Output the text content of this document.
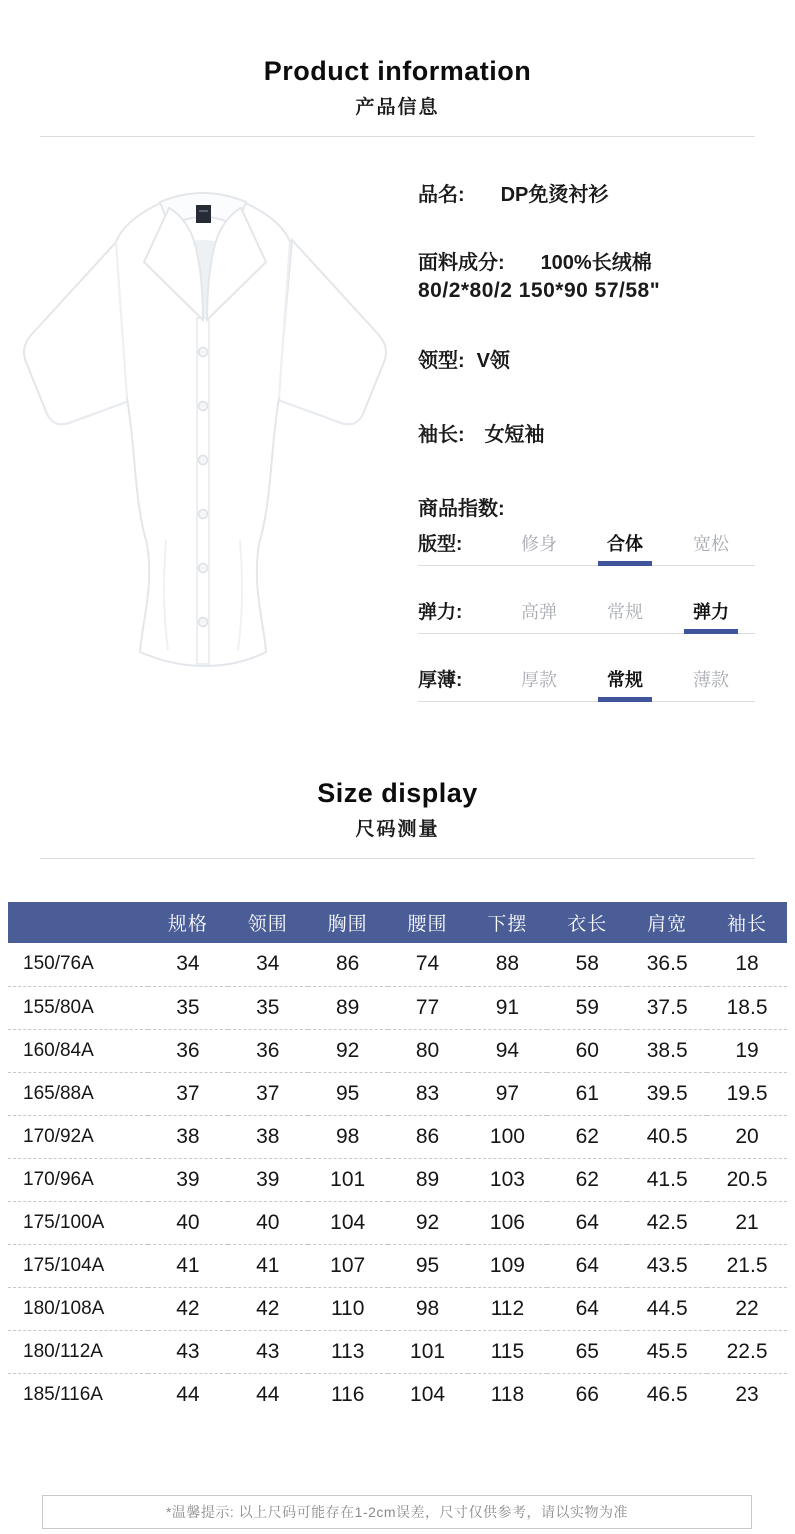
Product information
产品信息
品名: DP免烫衬衫
面料成分: 100%长绒棉
80/2*80/2 150*90 57/58"
领型: V领
袖长: 女短袖
商品指数:
版型:	修身	合体	宽松
弹力:	高弹	常规	弹力
厚薄:	厚款	常规	薄款
Size display
尺码测量
	规格	领围	胸围	腰围	下摆	衣长	肩宽	袖长
150/76A	34	34	86	74	88	58	36.5	18
155/80A	35	35	89	77	91	59	37.5	18.5
160/84A	36	36	92	80	94	60	38.5	19
165/88A	37	37	95	83	97	61	39.5	19.5
170/92A	38	38	98	86	100	62	40.5	20
170/96A	39	39	101	89	103	62	41.5	20.5
175/100A	40	40	104	92	106	64	42.5	21
175/104A	41	41	107	95	109	64	43.5	21.5
180/108A	42	42	110	98	112	64	44.5	22
180/112A	43	43	113	101	115	65	45.5	22.5
185/116A	44	44	116	104	118	66	46.5	23
*温馨提示: 以上尺码可能存在1-2cm误差，尺寸仅供参考，请以实物为准
